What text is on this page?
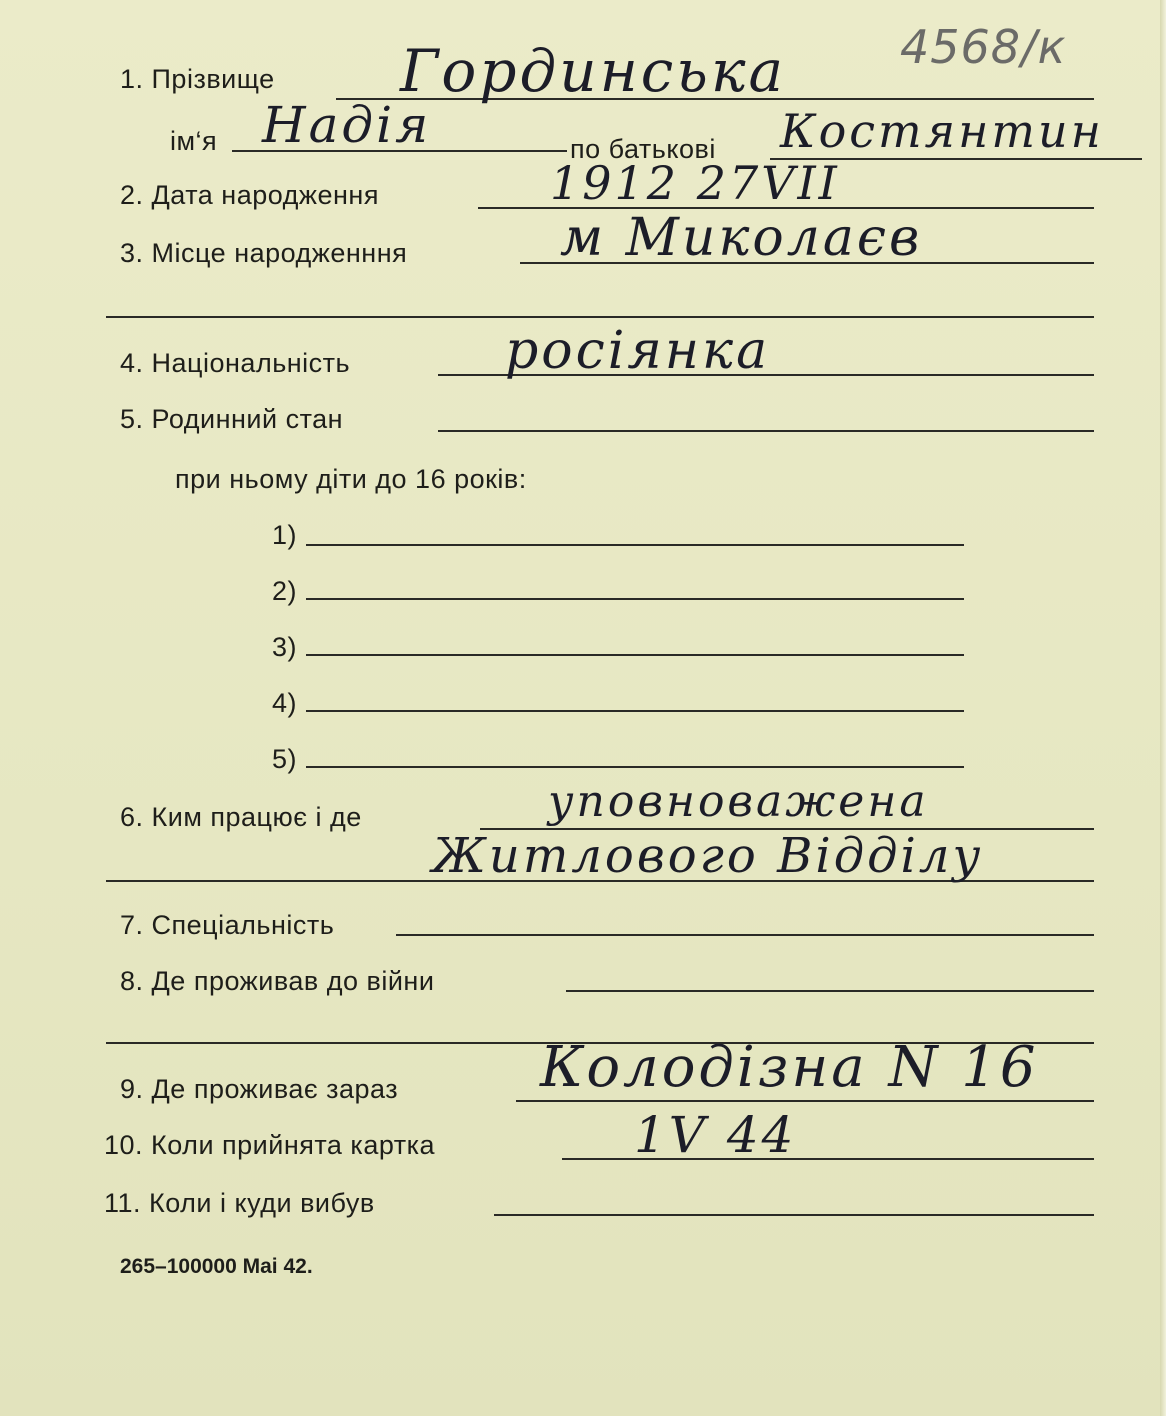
1. Прізвище Гординська 4568/к
ім‘я Надія	по батькові Костянтин
2. Дата народження	1912 27VII
3. Місце народженння	м Миколаєв
4. Національність	росіянка
5. Родинний стан
при ньому діти до 16 років:
1)
2)
3)
4)
5)
6. Ким працює і де	уповноважена
Житлового Відділу
7. Спеціальність
8. Де проживав до війни
9. Де проживає зараз	Колодізна N 16
10. Коли прийнята картка	1V 44
11. Коли і куди вибув
265–100000 Mai 42.
